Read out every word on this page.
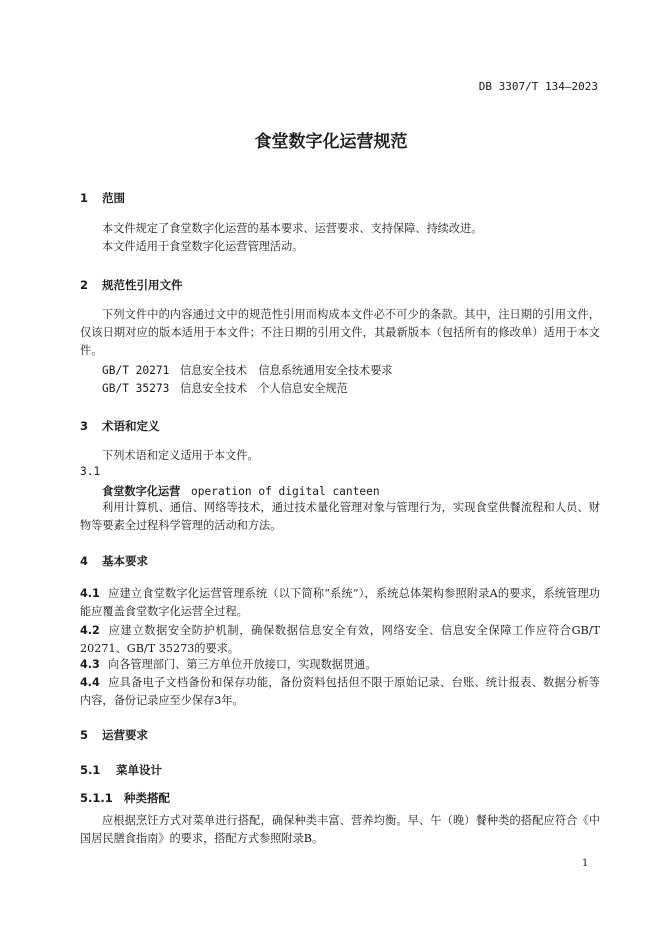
DB 3307/T 134—2023
食堂数字化运营规范
1 范围
本文件规定了食堂数字化运营的基本要求、运营要求、支持保障、持续改进。
本文件适用于食堂数字化运营管理活动。
2 规范性引用文件
下列文件中的内容通过文中的规范性引用而构成本文件必不可少的条款。其中，注日期的引用文件，仅该日期对应的版本适用于本文件；不注日期的引用文件，其最新版本（包括所有的修改单）适用于本文件。
GB/T 20271 信息安全技术　信息系统通用安全技术要求
GB/T 35273 信息安全技术　个人信息安全规范
3 术语和定义
下列术语和定义适用于本文件。
3.1
食堂数字化运营 operation of digital canteen
利用计算机、通信、网络等技术，通过技术量化管理对象与管理行为，实现食堂供餐流程和人员、财物等要素全过程科学管理的活动和方法。
4 基本要求
4.1 应建立食堂数字化运营管理系统（以下简称“系统”），系统总体架构参照附录A的要求，系统管理功能应覆盖食堂数字化运营全过程。
4.2 应建立数据安全防护机制，确保数据信息安全有效，网络安全、信息安全保障工作应符合GB/T 20271、GB/T 35273的要求。
4.3 向各管理部门、第三方单位开放接口，实现数据贯通。
4.4 应具备电子文档备份和保存功能，备份资料包括但不限于原始记录、台账、统计报表、数据分析等内容，备份记录应至少保存3年。
5 运营要求
5.1 菜单设计
5.1.1 种类搭配
应根据烹饪方式对菜单进行搭配，确保种类丰富、营养均衡。早、午（晚）餐种类的搭配应符合《中国居民膳食指南》的要求，搭配方式参照附录B。
1
